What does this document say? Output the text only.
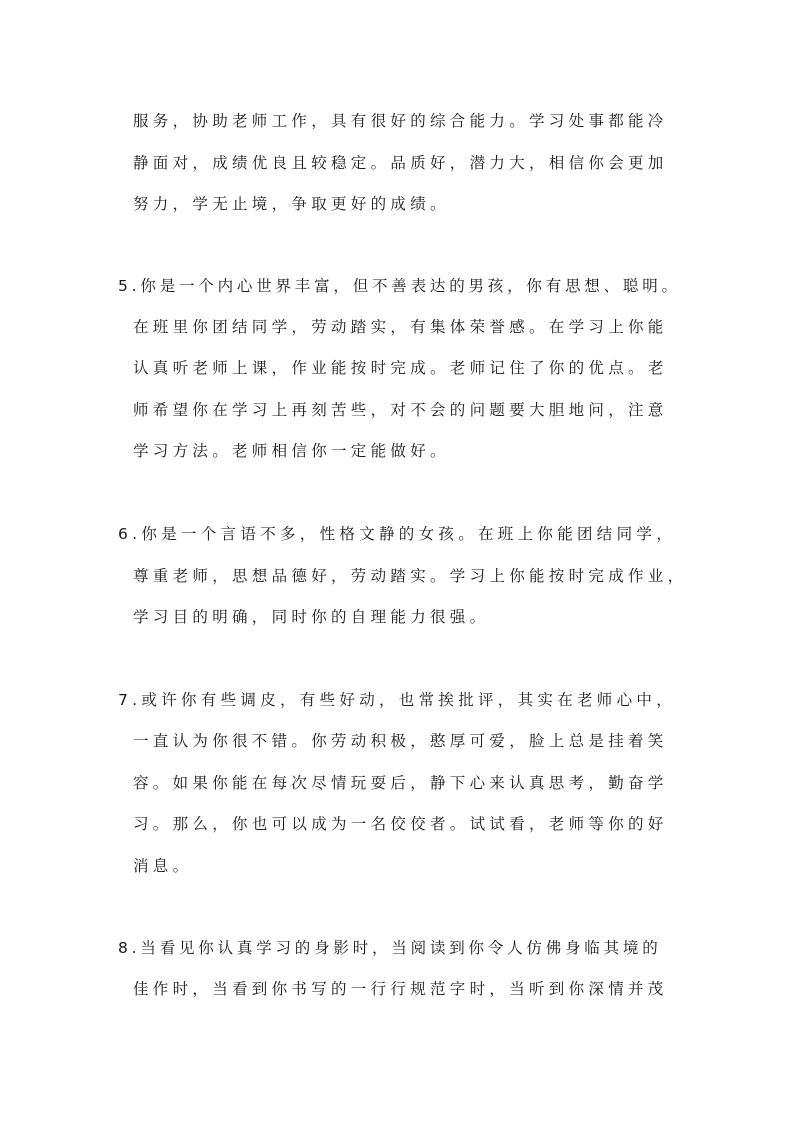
服务，协助老师工作，具有很好的综合能力。学习处事都能冷
静面对，成绩优良且较稳定。品质好，潜力大，相信你会更加
努力，学无止境，争取更好的成绩。
5.你是一个内心世界丰富，但不善表达的男孩，你有思想、聪明。
在班里你团结同学，劳动踏实，有集体荣誉感。在学习上你能
认真听老师上课，作业能按时完成。老师记住了你的优点。老
师希望你在学习上再刻苦些，对不会的问题要大胆地问，注意
学习方法。老师相信你一定能做好。
6.你是一个言语不多，性格文静的女孩。在班上你能团结同学，
尊重老师，思想品德好，劳动踏实。学习上你能按时完成作业，
学习目的明确，同时你的自理能力很强。
7.或许你有些调皮，有些好动，也常挨批评，其实在老师心中，
一直认为你很不错。你劳动积极，憨厚可爱，脸上总是挂着笑
容。如果你能在每次尽情玩耍后，静下心来认真思考，勤奋学
习。那么，你也可以成为一名佼佼者。试试看，老师等你的好
消息。
8.当看见你认真学习的身影时，当阅读到你令人仿佛身临其境的
佳作时，当看到你书写的一行行规范字时，当听到你深情并茂
